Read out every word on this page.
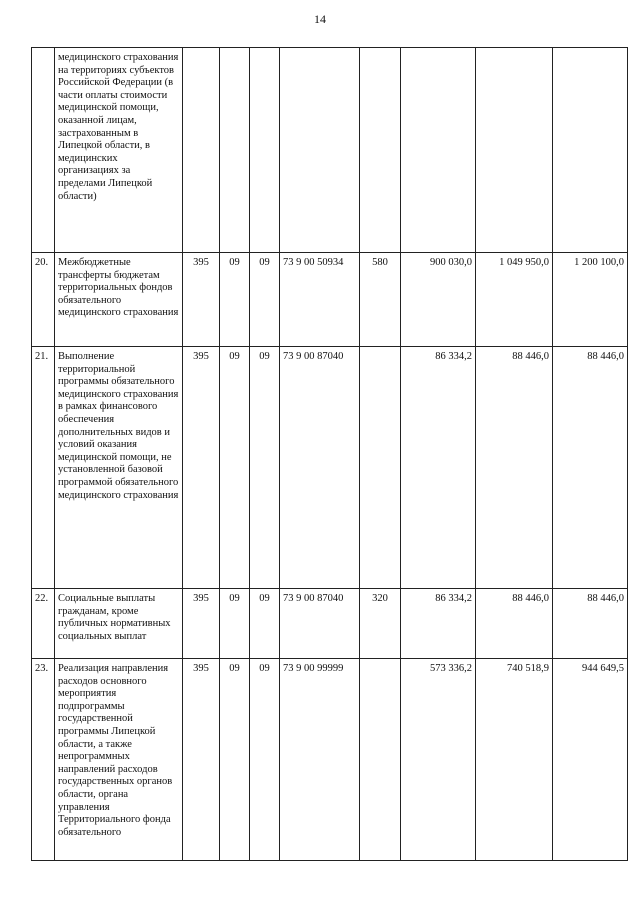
14
	медицинского страхования на территориях субъектов Российской Федерации (в части оплаты стоимости медицинской помощи, оказанной лицам, застрахованным в Липецкой области, в медицинских организациях за пределами Липецкой области)								
20.	Межбюджетные трансферты бюджетам территориальных фондов обязательного медицинского страхования	395	09	09	73 9 00 50934	580	900 030,0	1 049 950,0	1 200 100,0
21.	Выполнение территориальной программы обязательного медицинского страхования в рамках финансового обеспечения дополнительных видов и условий оказания медицинской помощи, не установленной базовой программой обязательного медицинского страхования	395	09	09	73 9 00 87040		86 334,2	88 446,0	88 446,0
22.	Социальные выплаты гражданам, кроме публичных нормативных социальных выплат	395	09	09	73 9 00 87040	320	86 334,2	88 446,0	88 446,0
23.	Реализация направления расходов основного мероприятия подпрограммы государственной программы Липецкой области, а также непрограммных направлений расходов государственных органов области, органа управления Территориального фонда обязательного	395	09	09	73 9 00 99999		573 336,2	740 518,9	944 649,5
